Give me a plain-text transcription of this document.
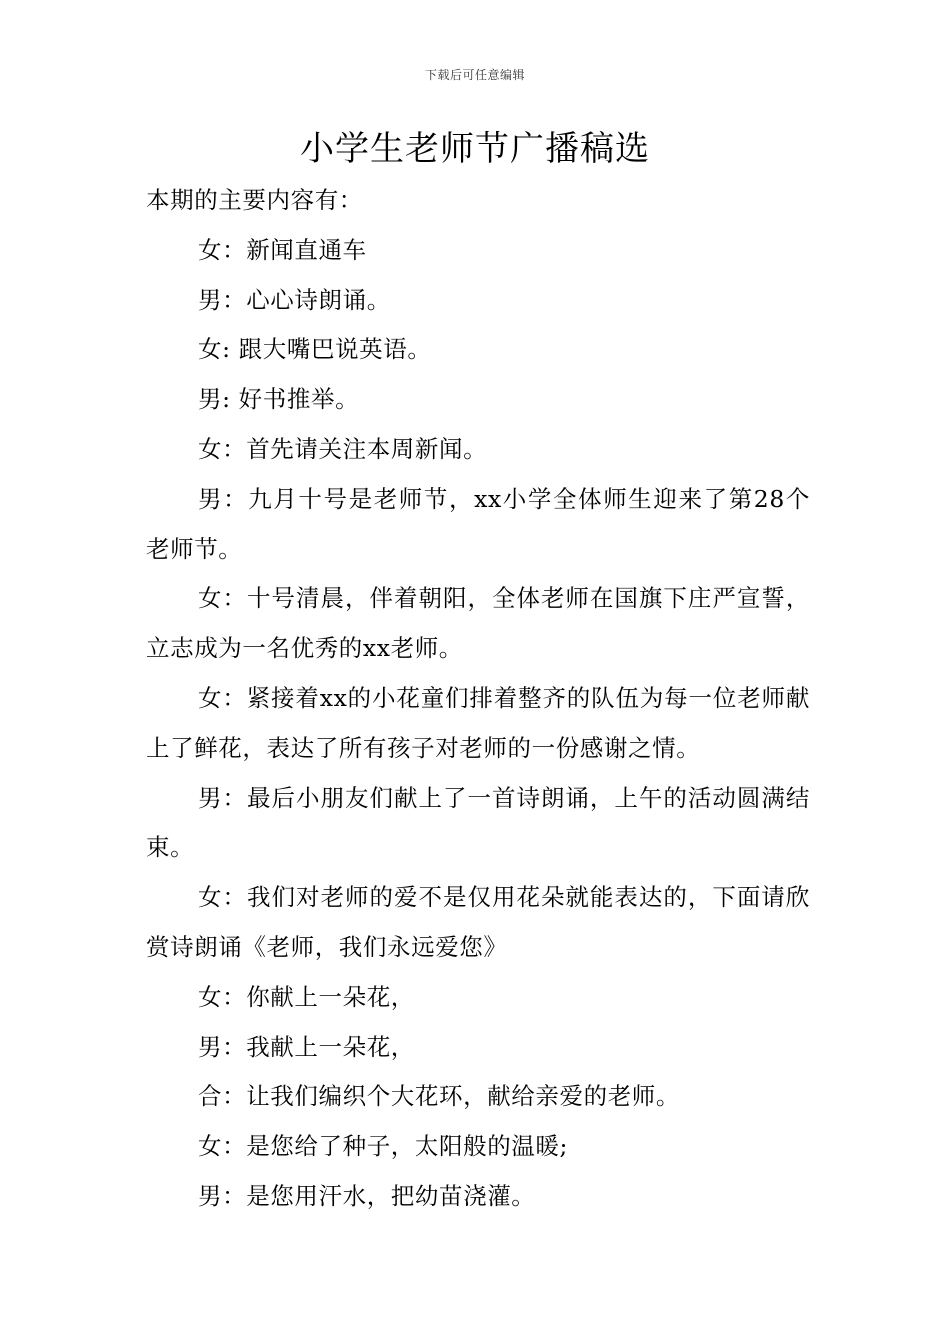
下载后可任意编辑
小学生老师节广播稿选

本期的主要内容有：

女：新闻直通车

男：心心诗朗诵。

女: 跟大嘴巴说英语。

男: 好书推举。

女：首先请关注本周新闻。

男：九月十号是老师节，xx小学全体师生迎来了第28个老师节。

女：十号清晨，伴着朝阳，全体老师在国旗下庄严宣誓，立志成为一名优秀的xx老师。

女：紧接着xx的小花童们排着整齐的队伍为每一位老师献上了鲜花，表达了所有孩子对老师的一份感谢之情。

男：最后小朋友们献上了一首诗朗诵，上午的活动圆满结束。

女：我们对老师的爱不是仅用花朵就能表达的，下面请欣赏诗朗诵《老师，我们永远爱您》

女：你献上一朵花，

男：我献上一朵花，

合：让我们编织个大花环，献给亲爱的老师。

女：是您给了种子，太阳般的温暖;

男：是您用汗水，把幼苗浇灌。
